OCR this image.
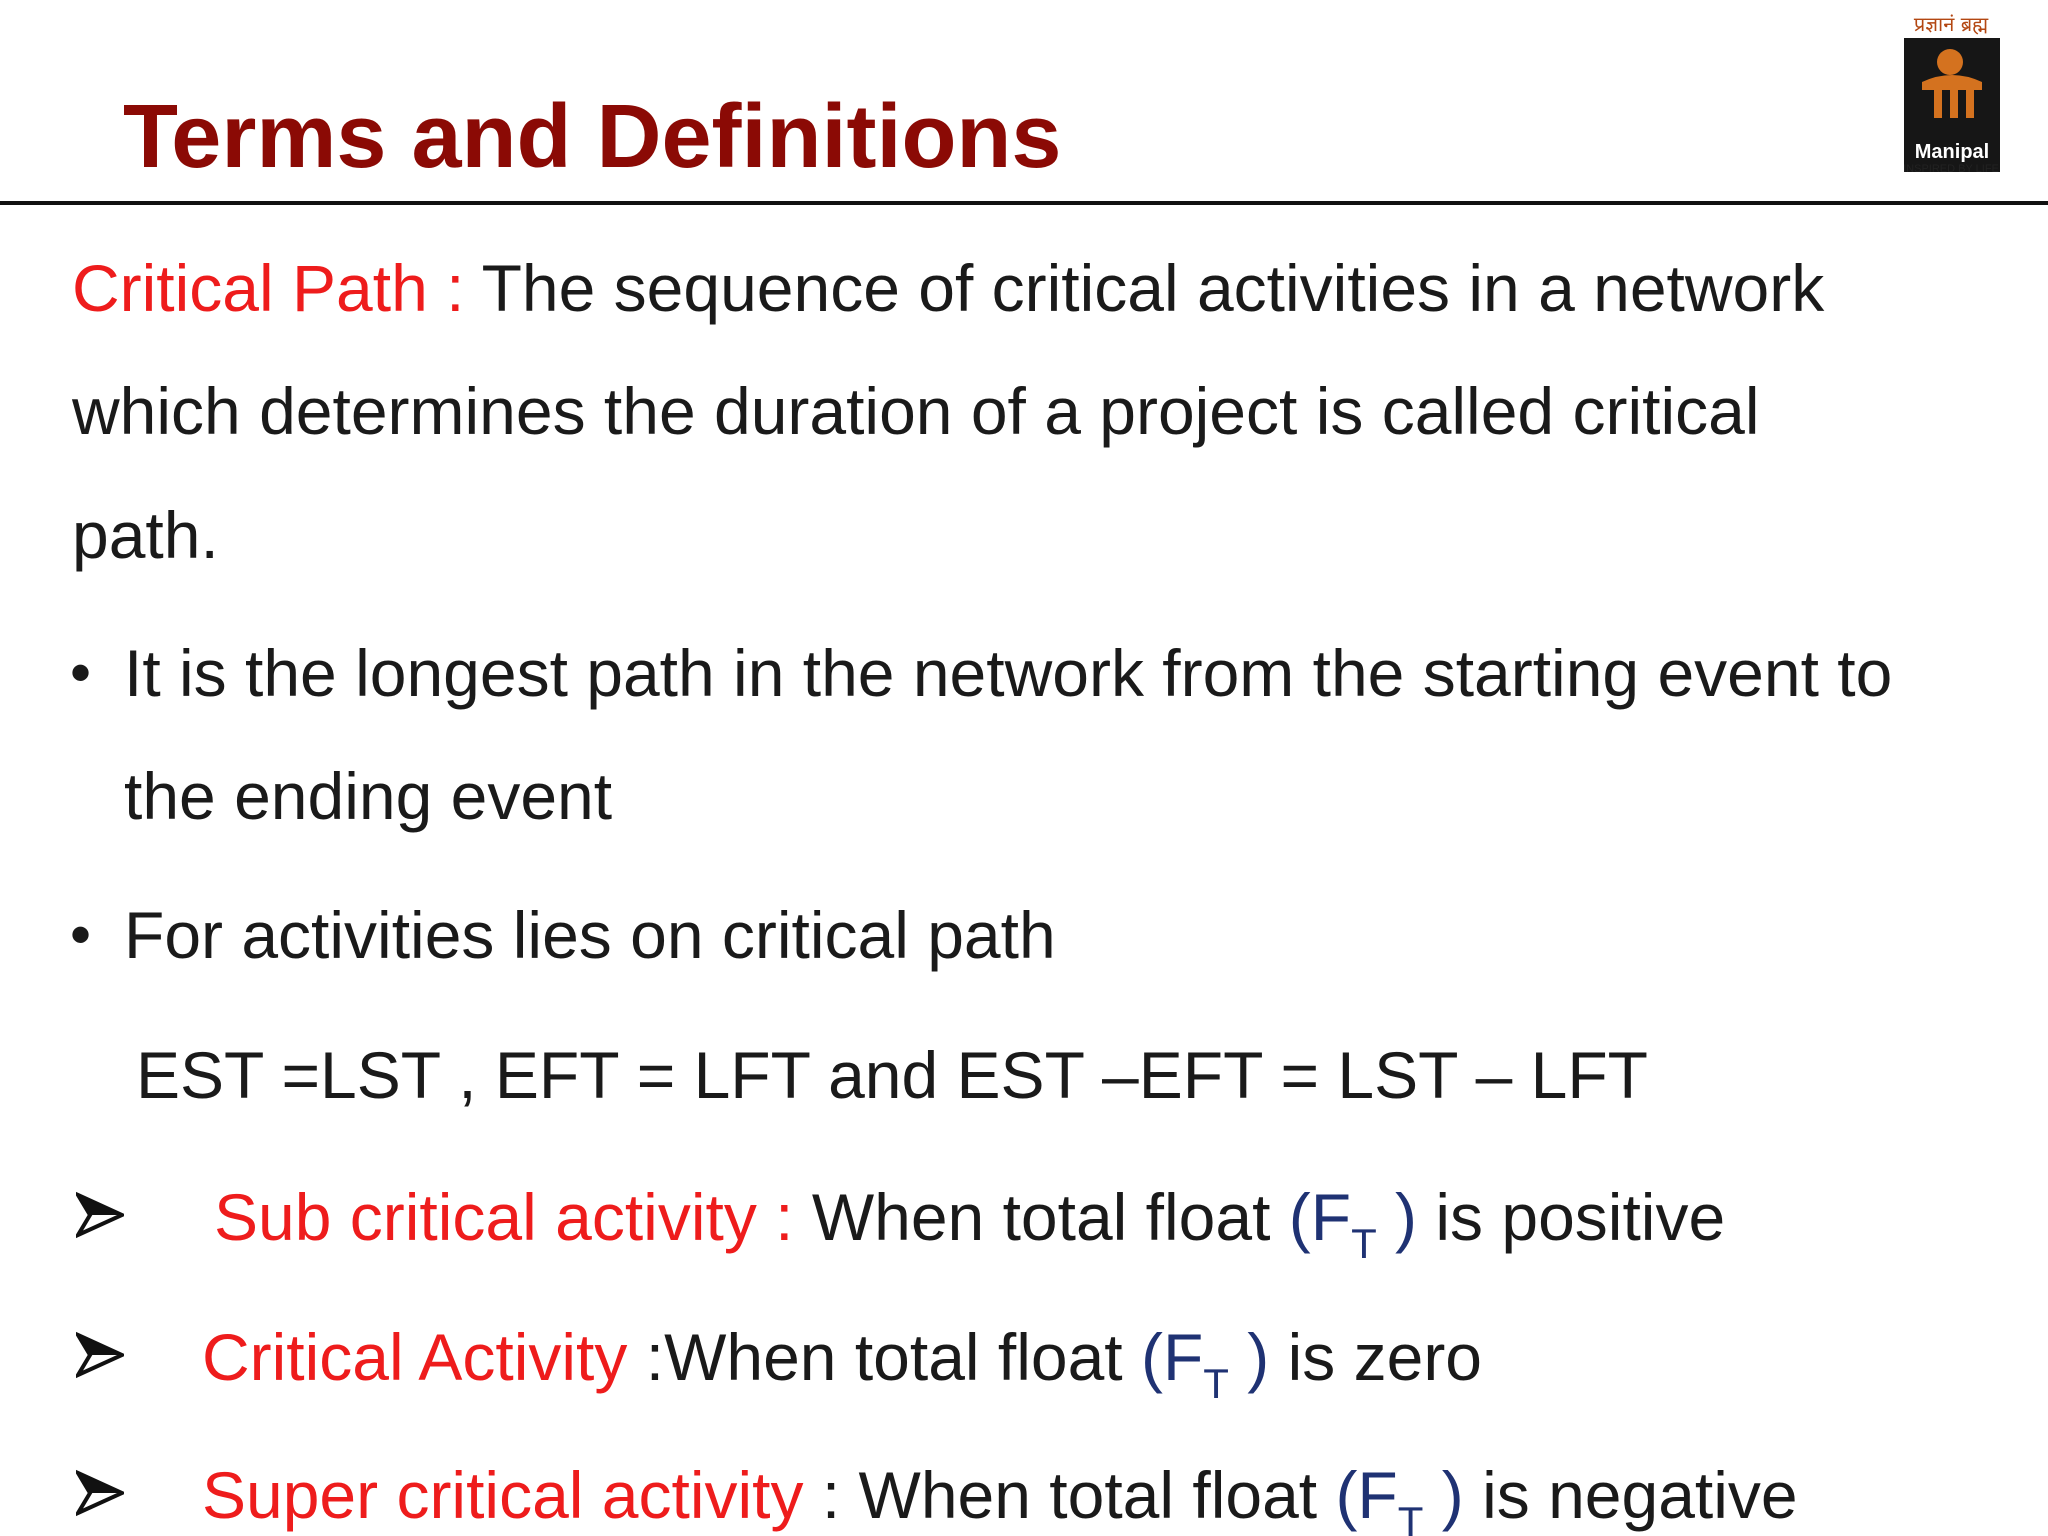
Terms and Definitions
प्रज्ञानं ब्रह्म
Manipal
INSPIRED BY LIFE
Critical Path : The sequence of critical activities in a network
which determines the duration of a project is called critical
path.
• It is the longest path in the network from the starting event to
the ending event
• For activities lies on critical path
EST =LST , EFT = LFT and EST –EFT = LST – LFT
Sub critical activity : When total float ($F_T$ ) is positive
Critical Activity :When total float ($F_T$ ) is zero
Super critical activity : When total float ($F_T$ ) is negative
